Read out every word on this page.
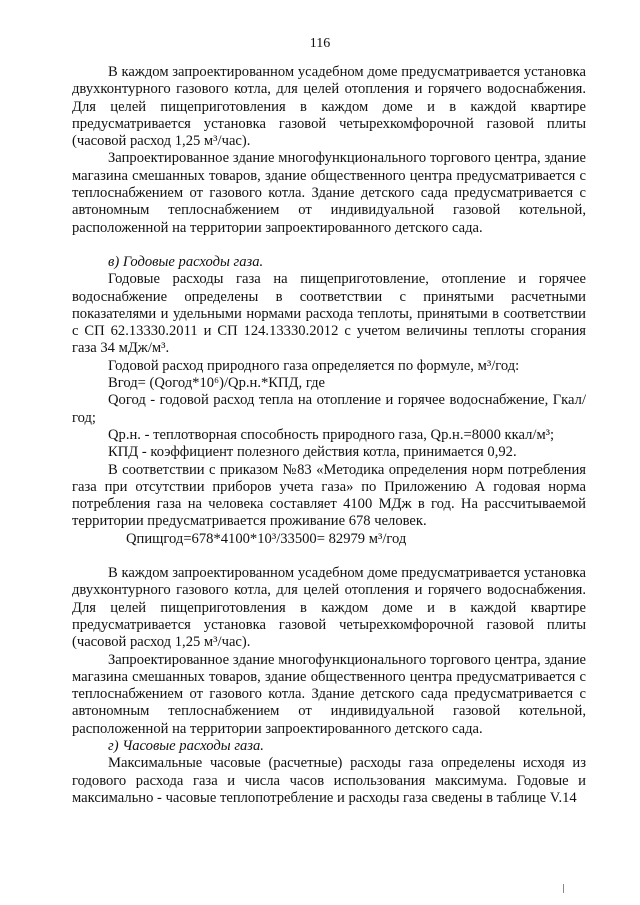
116

В каждом запроектированном усадебном доме предусматривается установка двухконтурного газового котла, для целей отопления и горячего водоснабжения. Для целей пищеприготовления в каждом доме и в каждой квартире предусматривается установка газовой четырехкомфорочной газовой плиты (часовой расход 1,25 м³/час).

Запроектированное здание многофункционального торгового центра, здание магазина смешанных товаров, здание общественного центра предусматривается с теплоснабжением от газового котла. Здание детского сада предусматривается с автономным теплоснабжением от индивидуальной газовой котельной, расположенной на территории запроектированного детского сада.

в) Годовые расходы газа.

Годовые расходы газа на пищеприготовление, отопление и горячее водоснабжение определены в соответствии с принятыми расчетными показателями и удельными нормами расхода теплоты, принятыми в соответствии с СП 62.13330.2011 и СП 124.13330.2012 с учетом величины теплоты сгорания газа 34 мДж/м³.

Годовой расход природного газа определяется по формуле, м³/год:

Вгод= (Qoгод*10⁶)/Qр.н.*КПД, где

Qoгод - годовой расход тепла на отопление и горячее водоснабжение, Гкал/год;

Qр.н. - теплотворная способность природного газа, Qр.н.=8000 ккал/м³;

КПД - коэффициент полезного действия котла, принимается 0,92.

В соответствии с приказом №83 «Методика определения норм потребления газа при отсутствии приборов учета газа» по Приложению А годовая норма потребления газа на человека составляет 4100 МДж в год. На рассчитываемой территории предусматривается проживание 678 человек.

Qпищгод=678*4100*10³/33500= 82979 м³/год

В каждом запроектированном усадебном доме предусматривается установка двухконтурного газового котла, для целей отопления и горячего водоснабжения. Для целей пищеприготовления в каждом доме и в каждой квартире предусматривается установка газовой четырехкомфорочной газовой плиты (часовой расход 1,25 м³/час).

Запроектированное здание многофункционального торгового центра, здание магазина смешанных товаров, здание общественного центра предусматривается с теплоснабжением от газового котла. Здание детского сада предусматривается с автономным теплоснабжением от индивидуальной газовой котельной, расположенной на территории запроектированного детского сада.

г) Часовые расходы газа.

Максимальные часовые (расчетные) расходы газа определены исходя из годового расхода газа и числа часов использования максимума. Годовые и максимально - часовые теплопотребление и расходы газа сведены в таблице V.14
